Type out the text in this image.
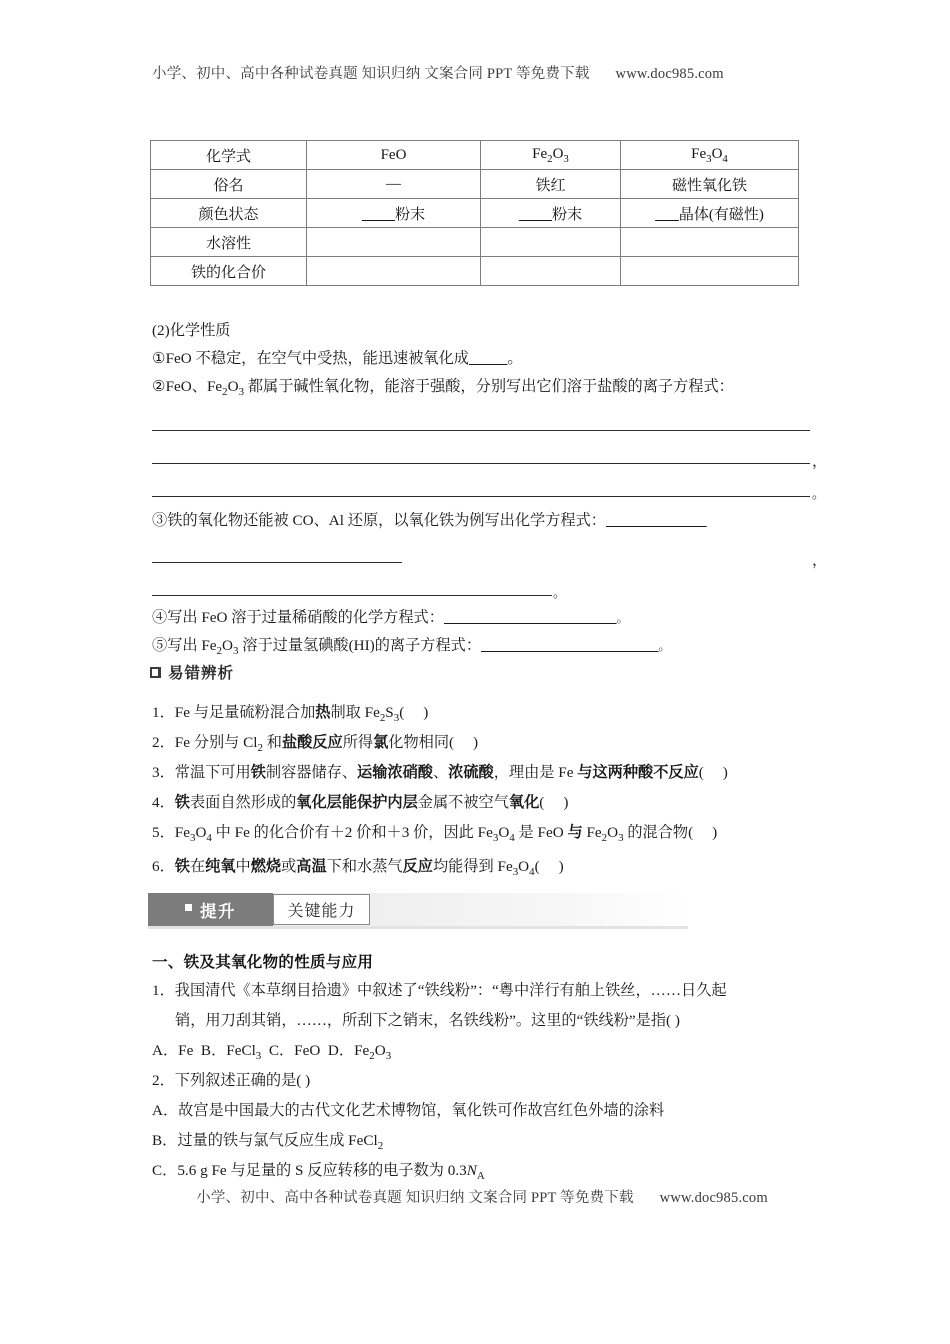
小学、初中、高中各种试卷真题 知识归纳 文案合同 PPT 等免费下载 www.doc985.com
化学式	FeO	$Fe_2O_3$	$Fe_3O_4$
俗名	—	铁红	磁性氧化铁
颜色状态	粉末	粉末	晶体(有磁性)
水溶性			
铁的化合价			
(2)化学性质
①FeO 不稳定，在空气中受热，能迅速被氧化成	。
②FeO、$Fe_2O_3$ 都属于碱性氧化物，能溶于强酸，分别写出它们溶于盐酸的离子方程式：
，
。
③铁的氧化物还能被 CO、Al 还原，以氧化铁为例写出化学方程式：
，
。
④写出 FeO 溶于过量稀硝酸的化学方程式：	。
⑤写出 $Fe_2O_3$ 溶于过量氢碘酸(HI)的离子方程式：	。
易错辨析
1．Fe 与足量硫粉混合加热制取 $Fe_2S_3$(     )
2．Fe 分别与 $Cl_2$ 和盐酸反应所得氯化物相同(     )
3．常温下可用铁制容器储存、运输浓硝酸、浓硫酸，理由是 Fe 与这两种酸不反应(     )
4．铁表面自然形成的氧化层能保护内层金属不被空气氧化(     )
5．$Fe_3O_4$ 中 Fe 的化合价有＋2 价和＋3 价，因此 $Fe_3O_4$ 是 FeO 与 $Fe_2O_3$ 的混合物(     )
6．铁在纯氧中燃烧或高温下和水蒸气反应均能得到 $Fe_3O_4$(     )
提升	关键能力
一、铁及其氧化物的性质与应用
1．我国清代《本草纲目拾遗》中叙述了“铁线粉”：“粤中洋行有舶上铁丝，……日久起
销，用刀刮其销，……，所刮下之销末，名铁线粉”。这里的“铁线粉”是指( )
A．Fe  B．FeCl$_3$  C．FeO  D．$Fe_2O_3$
2．下列叙述正确的是( )
A．故宫是中国最大的古代文化艺术博物馆，氧化铁可作故宫红色外墙的涂料
B．过量的铁与氯气反应生成 FeCl$_2$
C．5.6 g Fe 与足量的 S 反应转移的电子数为 $0.3N_A$
小学、初中、高中各种试卷真题 知识归纳 文案合同 PPT 等免费下载 www.doc985.com
